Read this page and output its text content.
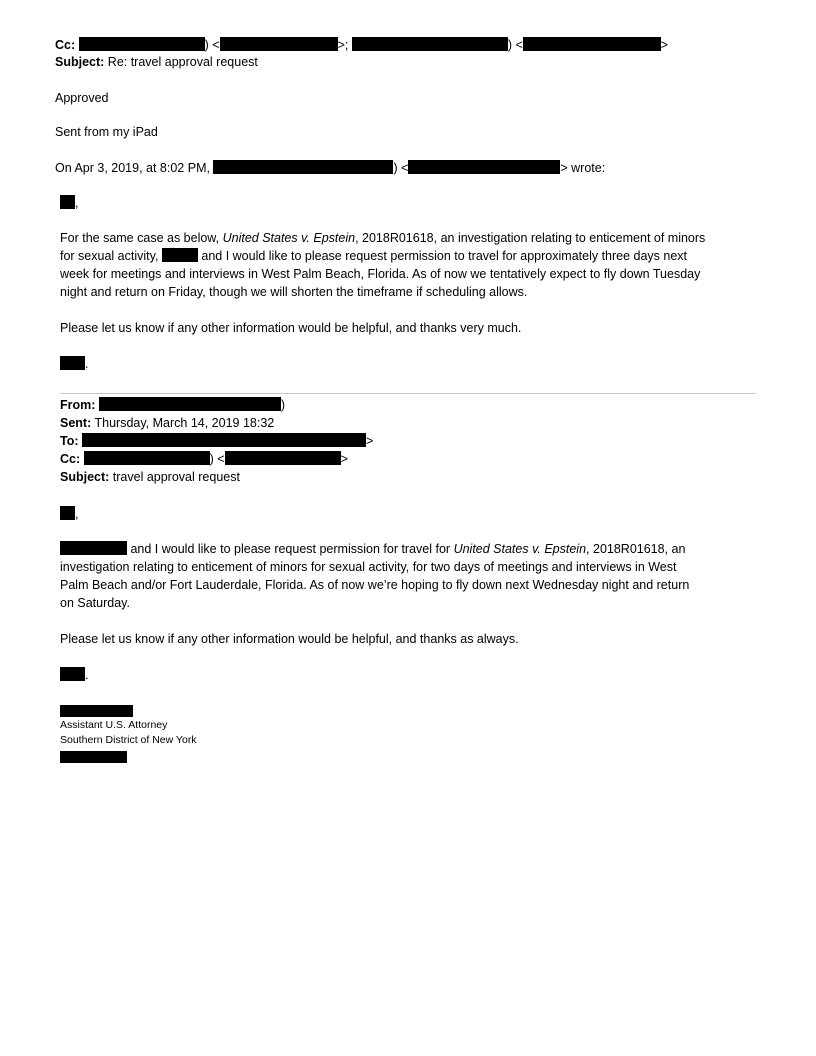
Cc:	) <	>;	) <	>
Subject: Re: travel approval request
Approved
Sent from my iPad
On Apr 3, 2019, at 8:02 PM,	) <	> wrote:
,
For the same case as below, United States v. Epstein, 2018R01618, an investigation relating to enticement of minors
for sexual activity,	and I would like to please request permission to travel for approximately three days next
week for meetings and interviews in West Palm Beach, Florida. As of now we tentatively expect to fly down Tuesday
night and return on Friday, though we will shorten the timeframe if scheduling allows.
Please let us know if any other information would be helpful, and thanks very much.
.
From:	)
Sent: Thursday, March 14, 2019 18:32
To:	>
Cc:	) <	>
Subject: travel approval request
,
and I would like to please request permission for travel for United States v. Epstein, 2018R01618, an
investigation relating to enticement of minors for sexual activity, for two days of meetings and interviews in West
Palm Beach and/or Fort Lauderdale, Florida. As of now we’re hoping to fly down next Wednesday night and return
on Saturday.
Please let us know if any other information would be helpful, and thanks as always.
.
Assistant U.S. Attorney
Southern District of New York
